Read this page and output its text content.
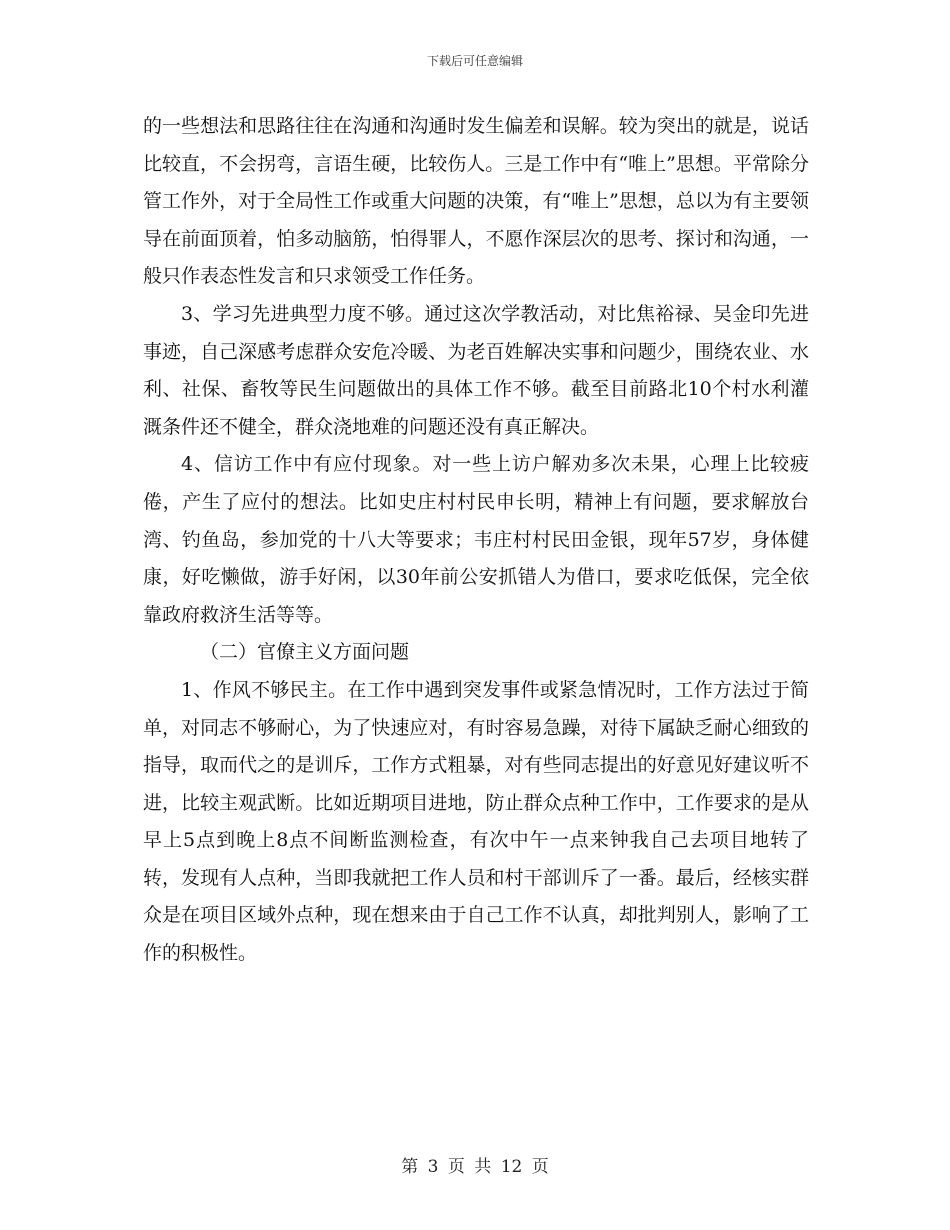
下载后可任意编辑

的一些想法和思路往往在沟通和沟通时发生偏差和误解。较为突出的就是，说话比较直，不会拐弯，言语生硬，比较伤人。三是工作中有“唯上”思想。平常除分管工作外，对于全局性工作或重大问题的决策，有“唯上”思想，总以为有主要领导在前面顶着，怕多动脑筋，怕得罪人，不愿作深层次的思考、探讨和沟通，一般只作表态性发言和只求领受工作任务。

3、学习先进典型力度不够。通过这次学教活动，对比焦裕禄、吴金印先进事迹，自己深感考虑群众安危冷暖、为老百姓解决实事和问题少，围绕农业、水利、社保、畜牧等民生问题做出的具体工作不够。截至目前路北10个村水利灌溉条件还不健全，群众浇地难的问题还没有真正解决。

4、信访工作中有应付现象。对一些上访户解劝多次未果，心理上比较疲倦，产生了应付的想法。比如史庄村村民申长明，精神上有问题，要求解放台湾、钓鱼岛，参加党的十八大等要求；韦庄村村民田金银，现年57岁，身体健康，好吃懒做，游手好闲，以30年前公安抓错人为借口，要求吃低保，完全依靠政府救济生活等等。

（二）官僚主义方面问题

1、作风不够民主。在工作中遇到突发事件或紧急情况时，工作方法过于简单，对同志不够耐心，为了快速应对，有时容易急躁，对待下属缺乏耐心细致的指导，取而代之的是训斥，工作方式粗暴，对有些同志提出的好意见好建议听不进，比较主观武断。比如近期项目进地，防止群众点种工作中，工作要求的是从早上5点到晚上8点不间断监测检查，有次中午一点来钟我自己去项目地转了转，发现有人点种，当即我就把工作人员和村干部训斥了一番。最后，经核实群众是在项目区域外点种，现在想来由于自己工作不认真，却批判别人，影响了工作的积极性。

第 3 页 共 12 页
